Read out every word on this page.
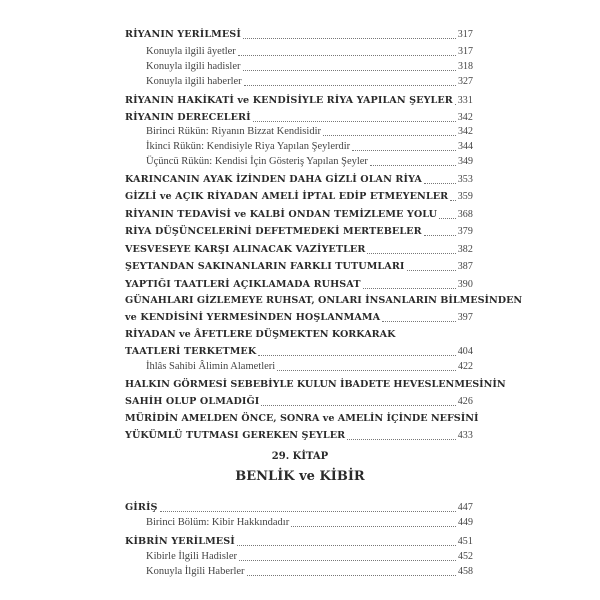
RİYANIN YERİLMESİ	317
Konuyla ilgili âyetler	317
Konuyla ilgili hadisler	318
Konuyla ilgili haberler	327
RİYANIN HAKİKATİ ve KENDİSİYLE RİYA YAPILAN ŞEYLER 331
RİYANIN DERECELERİ	342
Birinci Rükün: Riyanın Bizzat Kendisidir	342
İkinci Rükün: Kendisiyle Riya Yapılan Şeylerdir	344
Üçüncü Rükün: Kendisi İçin Gösteriş Yapılan Şeyler	349
KARINCANIN AYAK İZİNDEN DAHA GİZLİ OLAN RİYA	353
GİZLİ ve AÇIK RİYADAN AMELİ İPTAL EDİP ETMEYENLER 359
RİYANIN TEDAVİSİ ve KALBİ ONDAN TEMİZLEME YOLU 368
RİYA DÜŞÜNCELERİNİ DEFETMEDEKİ MERTEBELER	379
VESVESEYE KARŞI ALINACAK VAZİYETLER	382
ŞEYTANDAN SAKINANLARIN FARKLI TUTUMLARI	387
YAPTIĞI TAATLERİ AÇIKLAMADA RUHSAT	390
GÜNAHLARI GİZLEMEYE RUHSAT, ONLARI İNSANLARIN BİLMESİNDEN
ve KENDİSİNİ YERMESİNDEN HOŞLANMAMA	397
RİYADAN ve ÂFETLERE DÜŞMEKTEN KORKARAK
TAATLERİ TERKETMEK	404
İhlâs Sahibi Âlimin Alametleri	422
HALKIN GÖRMESİ SEBEBİYLE KULUN İBADETE HEVESLENMESİNİN
SAHİH OLUP OLMADIĞI	426
MÜRİDİN AMELDEN ÖNCE, SONRA ve AMELİN İÇİNDE NEFSİNİ
YÜKÜMLÜ TUTMASI GEREKEN ŞEYLER	433
GİRİŞ	447
Birinci Bölüm: Kibir Hakkındadır	449
KİBRİN YERİLMESİ	451
Kibirle İlgili Hadisler	452
Konuyla İlgili Haberler	458
29. KİTAP
BENLİK ve KİBİR
